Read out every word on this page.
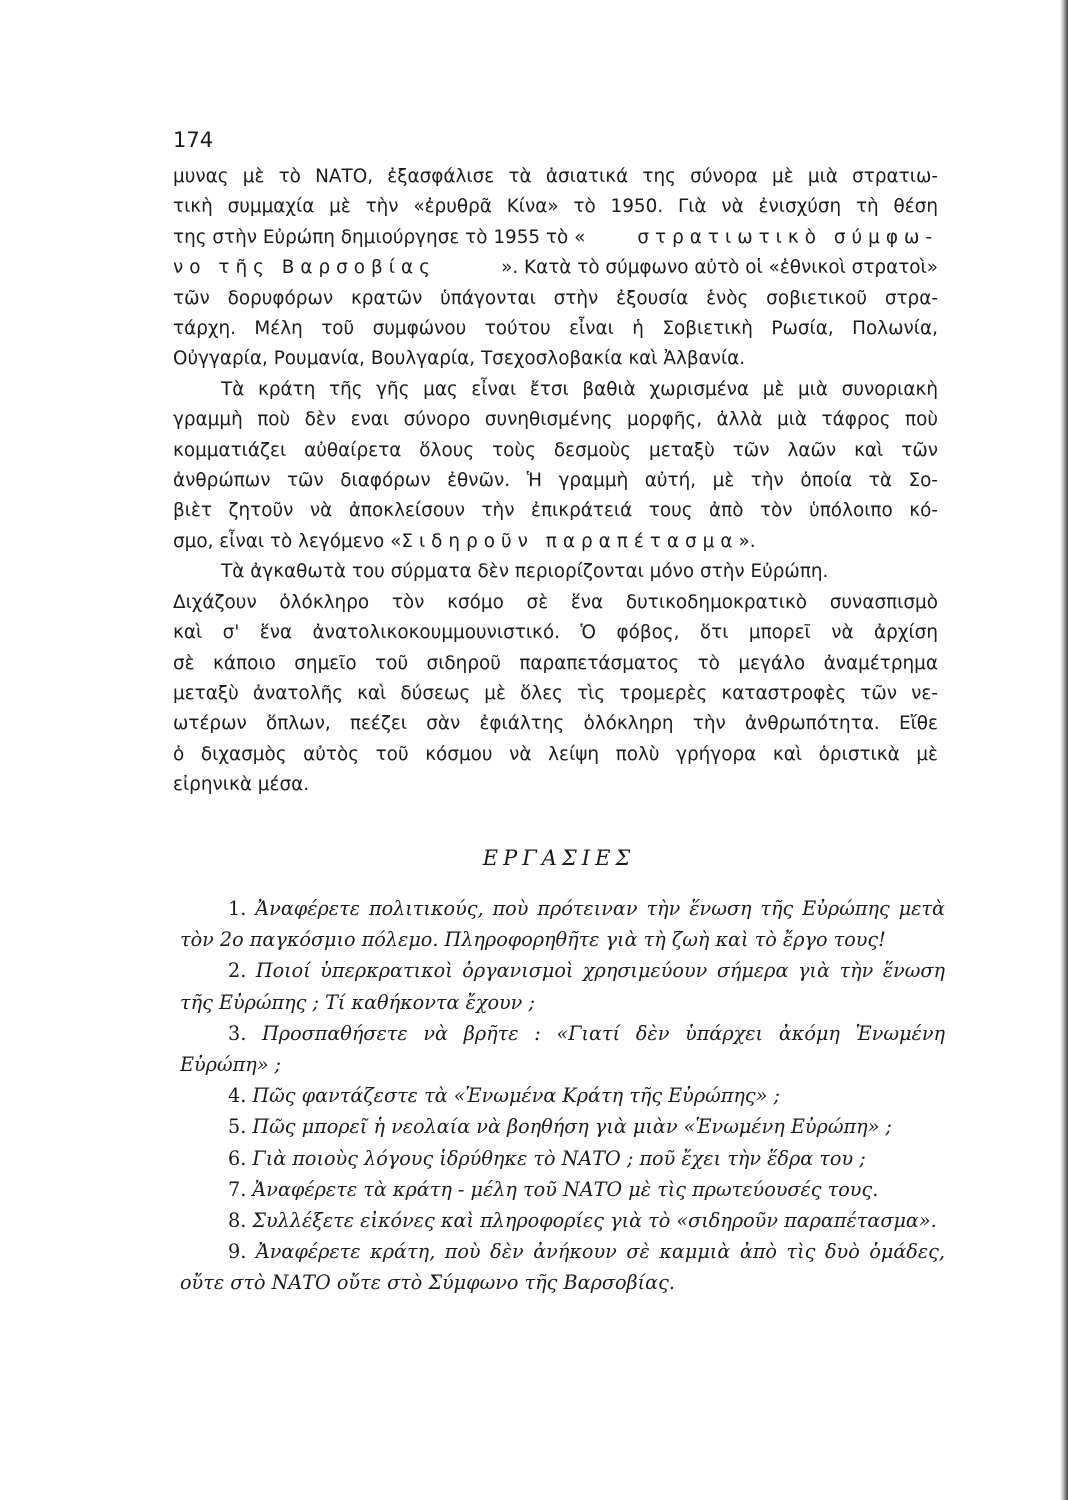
174

μυνας μὲ τὸ ΝΑΤΟ, ἐξασφάλισε τὰ ἀσιατικά της σύνορα μὲ μιὰ στρατιω-
τικὴ συμμαχία μὲ τὴν «ἐρυθρᾶ Κίνα» τὸ 1950. Γιὰ νὰ ἐνισχύση τὴ θέση
της στὴν Εὐρώπη δημιούργησε τὸ 1955 τὸ «	στρατιωτικὸ σύμφω-
νο τῆς Βαρσοβίας	». Κατὰ τὸ σύμφωνο αὐτὸ οἱ «ἐθνικοὶ στρατοὶ»
τῶν δορυφόρων κρατῶν ὑπάγονται στὴν ἐξουσία ἑνὸς σοβιετικοῦ στρα-
τάρχη. Μέλη τοῦ συμφώνου τούτου εἶναι ἡ Σοβιετικὴ Ρωσία, Πολωνία,
Οὐγγαρία, Ρουμανία, Βουλγαρία, Τσεχοσλοβακία καὶ Ἀλβανία.

Τὰ κράτη τῆς γῆς μας εἶναι ἔτσι βαθιὰ χωρισμένα μὲ μιὰ συνοριακὴ
γραμμὴ ποὺ δὲν εναι σύνορο συνηθισμένης μορφῆς, ἀλλὰ μιὰ τάφρος ποὺ
κομματιάζει αὐθαίρετα ὅλους τοὺς δεσμοὺς μεταξὺ τῶν λαῶν καὶ τῶν
ἀνθρώπων τῶν διαφόρων ἐθνῶν. Ἡ γραμμὴ αὐτή, μὲ τὴν ὁποία τὰ Σο-
βιὲτ ζητοῦν νὰ ἀποκλείσουν τὴν ἐπικράτειά τους ἀπὸ τὸν ὑπόλοιπο κό-
σμο, εἶναι τὸ λεγόμενο «Σιδηροῦν παραπέτασμα».

Τὰ ἀγκαθωτὰ του σύρματα δὲν περιορίζονται μόνο στὴν Εὐρώπη.
Διχάζουν ὁλόκληρο τὸν κσόμο σὲ ἕνα δυτικοδημοκρατικὸ συνασπισμὸ
καὶ σ' ἕνα ἀνατολικοκουμμουνιστικό. Ὁ φόβος, ὅτι μπορεῖ νὰ ἀρχίση
σὲ κάποιο σημεῖο τοῦ σιδηροῦ παραπετάσματος τὸ μεγάλο ἀναμέτρημα
μεταξὺ ἀνατολῆς καὶ δύσεως μὲ ὅλες τὶς τρομερὲς καταστροφὲς τῶν νε-
ωτέρων ὅπλων, πεέζει σὰν ἐφιάλτης ὁλόκληρη τὴν ἀνθρωπότητα. Εἴθε
ὁ διχασμὸς αὐτὸς τοῦ κόσμου νὰ λείψη πολὺ γρήγορα καὶ ὁριστικὰ μὲ
εἰρηνικὰ μέσα.

ΕΡΓΑΣΙΕΣ
1. Ἀναφέρετε πολιτικούς, ποὺ πρότειναν τὴν ἕνωση τῆς Εὐρώπης μετὰ
τὸν 2ο παγκόσμιο πόλεμο. Πληροφορηθῆτε γιὰ τὴ ζωὴ καὶ τὸ ἔργο τους!
2. Ποιοί ὑπερκρατικοὶ ὀργανισμοὶ χρησιμεύουν σήμερα γιὰ τὴν ἕνωση
τῆς Εὐρώπης ; Τί καθήκοντα ἔχουν ;
3. Προσπαθήσετε νὰ βρῆτε : «Γιατί δὲν ὑπάρχει ἀκόμη Ἑνωμένη
Εὐρώπη» ;
4. Πῶς φαντάζεστε τὰ «Ἑνωμένα Κράτη τῆς Εὐρώπης» ;
5. Πῶς μπορεῖ ἡ νεολαία νὰ βοηθήση γιὰ μιὰν «Ἑνωμένη Εὐρώπη» ;
6. Γιὰ ποιοὺς λόγους ἱδρύθηκε τὸ ΝΑΤΟ ; ποῦ ἔχει τὴν ἕδρα του ;
7. Ἀναφέρετε τὰ κράτη - μέλη τοῦ ΝΑΤΟ μὲ τὶς πρωτεύουσές τους.
8. Συλλέξετε εἰκόνες καὶ πληροφορίες γιὰ τὸ «σιδηροῦν παραπέτασμα».
9. Ἀναφέρετε κράτη, ποὺ δὲν ἀνήκουν σὲ καμμιὰ ἀπὸ τὶς δυὸ ὁμάδες,
οὔτε στὸ ΝΑΤΟ οὔτε στὸ Σύμφωνο τῆς Βαρσοβίας.
